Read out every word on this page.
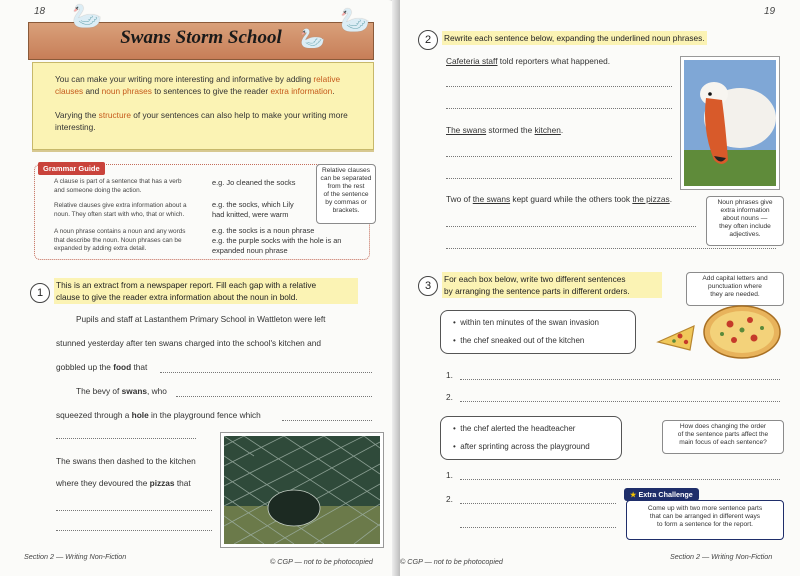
18
Swans Storm School
🦢
🦢
🦢
You can make your writing more interesting and informative by adding relative clauses and noun phrases to sentences to give the reader extra information.
Varying the structure of your sentences can also help to make your writing more interesting.
Grammar Guide
A clause is part of a sentence that has a verb
and someone doing the action.
e.g. Jo cleaned the socks
Relative clauses give extra information about a
noun. They often start with who, that or which.
e.g. the socks, which Lily
had knitted, were warm
A noun phrase contains a noun and any words
that describe the noun. Noun phrases can be
expanded by adding extra detail.
e.g. the socks is a noun phrase
e.g. the purple socks with the hole is an
expanded noun phrase
Relative clauses
can be separated
from the rest
of the sentence
by commas or
brackets.
1
This is an extract from a newspaper report. Fill each gap with a relative
clause to give the reader extra information about the noun in bold.
Pupils and staff at Lastanthem Primary School in Wattleton were left
stunned yesterday after ten swans charged into the school's kitchen and
gobbled up the food that
The bevy of swans, who
squeezed through a hole in the playground fence which
The swans then dashed to the kitchen
where they devoured the pizzas that
Section 2 — Writing Non-Fiction
© CGP — not to be photocopied
19
2	Rewrite each sentence below, expanding the underlined noun phrases.
Cafeteria staff told reporters what happened.
The swans stormed the kitchen.
Two of the swans kept guard while the others took the pizzas.	Noun phrases give
extra information
about nouns —
they often include
adjectives.
3
For each box below, write two different sentences
by arranging the sentence parts in different orders.
Add capital letters and
punctuation where
they are needed.
•  within ten minutes of the swan invasion
•  the chef sneaked out of the kitchen
1.
2.
•  the chef alerted the headteacher
•  after sprinting across the playground
How does changing the order
of the sentence parts affect the
main focus of each sentence?
1.
2.	★ Extra Challenge
Come up with two more sentence parts
that can be arranged in different ways
to form a sentence for the report.
© CGP — not to be photocopied
Section 2 — Writing Non-Fiction
